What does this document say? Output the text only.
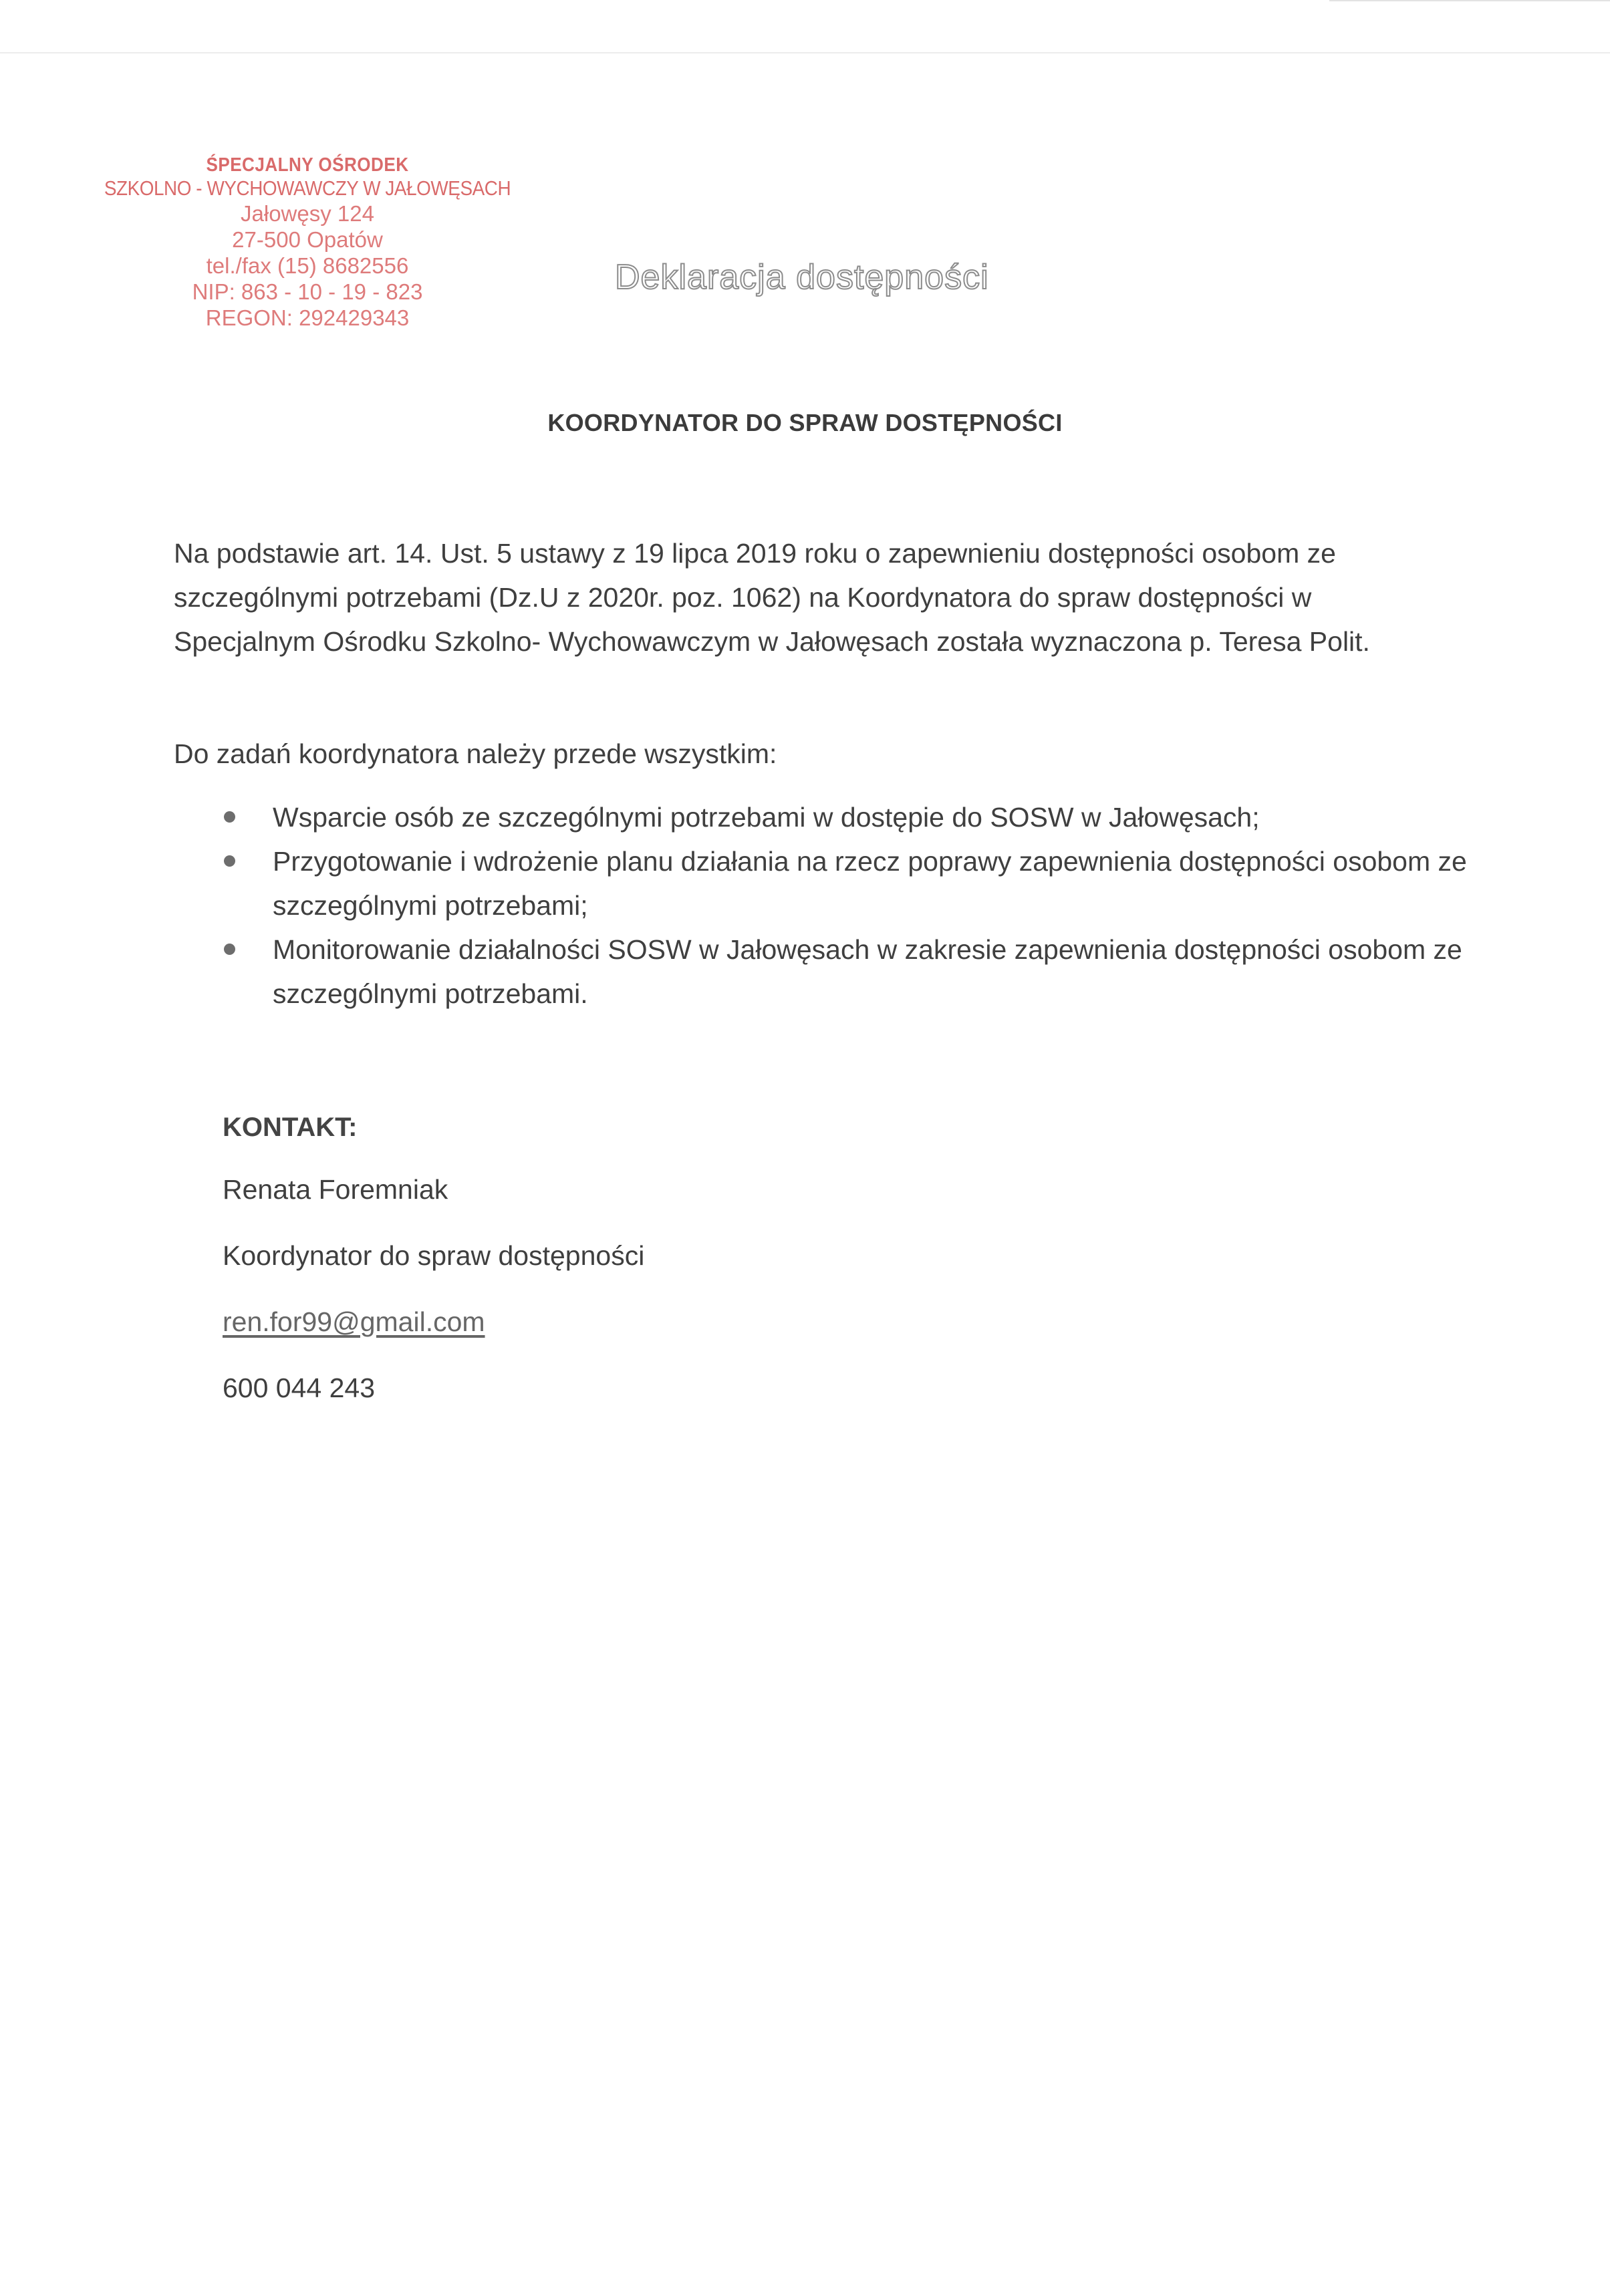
ŚPECJALNY OŚRODEK
SZKOLNO - WYCHOWAWCZY W JAŁOWĘSACH
Jałowęsy 124
27-500 Opatów
tel./fax (15) 8682556
NIP: 863 - 10 - 19 - 823
REGON: 292429343
Deklaracja dostępności
KOORDYNATOR DO SPRAW DOSTĘPNOŚCI
Na podstawie art. 14. Ust. 5 ustawy z 19 lipca 2019 roku o zapewnieniu dostępności osobom ze szczególnymi potrzebami (Dz.U z 2020r. poz. 1062) na Koordynatora do spraw dostępności w Specjalnym Ośrodku Szkolno- Wychowawczym w Jałowęsach została wyznaczona p. Teresa Polit.
Do zadań koordynatora należy przede wszystkim:
Wsparcie osób ze szczególnymi potrzebami w dostępie do SOSW w Jałowęsach;
Przygotowanie i wdrożenie planu działania na rzecz poprawy zapewnienia dostępności osobom ze szczególnymi potrzebami;
Monitorowanie działalności SOSW w Jałowęsach w zakresie zapewnienia dostępności osobom ze szczególnymi potrzebami.
KONTAKT:
Renata Foremniak
Koordynator do spraw dostępności
ren.for99@gmail.com
600 044 243
